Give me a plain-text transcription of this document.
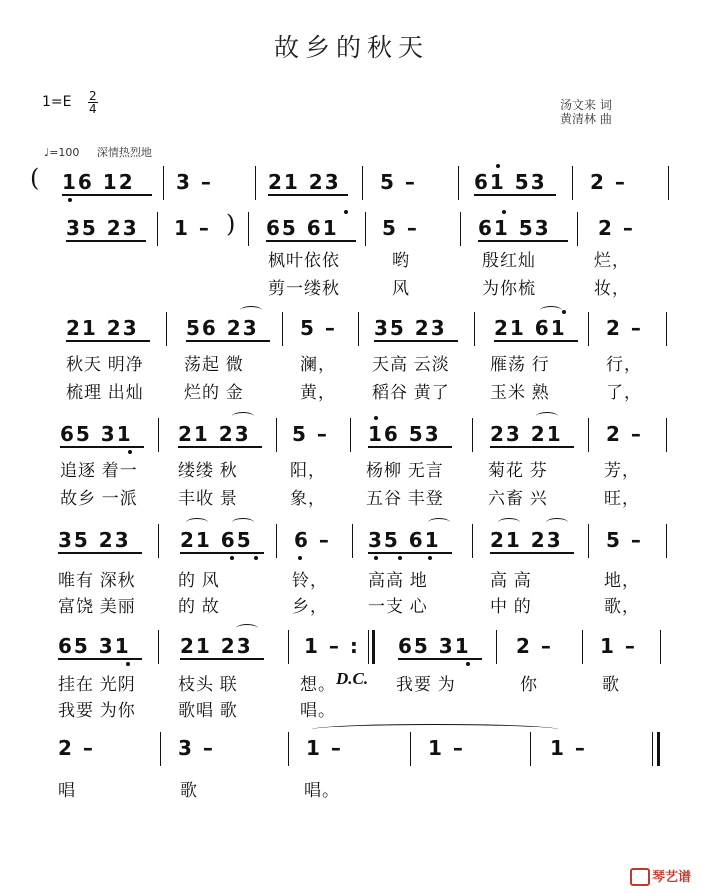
故乡的秋天
1=E 2
4	汤文来 词
黄清林 曲
♩=100 深情热烈地
( 16 12 3 –	21 23 5 –	61 53 2 –
35 23 1 – ) 65 61 5 –	61 53 2 –
枫叶依依	哟	殷红灿	烂，
剪一缕秋	风	为你梳	妆，
21 23 56 23 5 – 35 23 21 61 2 –
秋天 明净 荡起 微	澜， 天高 云淡 雁荡 行	行，
梳理 出灿 烂的 金	黄， 稻谷 黄了 玉米 熟	了，
65 31 21 23 5 – 16 53 23 21 2 –
追逐 着一 缕缕 秋	阳， 杨柳 无言	菊花 芬	芳，
故乡 一派 丰收 景	象， 五谷 丰登	六畜 兴	旺，
35 23 21 65 6 – 35 61 21 23 5 –
唯有 深秋 的 风	铃， 高高 地	高 高	地，
富饶 美丽 的 故	乡， 一支 心	中 的	歌，
65 31 21 23	1 – : 65 31 2 – 1 –
挂在 光阴 枝头 联	想。 D.C. 我要 为	你	歌
我要 为你 歌唱 歌	唱。
2 –	3 –	1 –	1 –	1 –
唱	歌	唱。
琴艺谱
